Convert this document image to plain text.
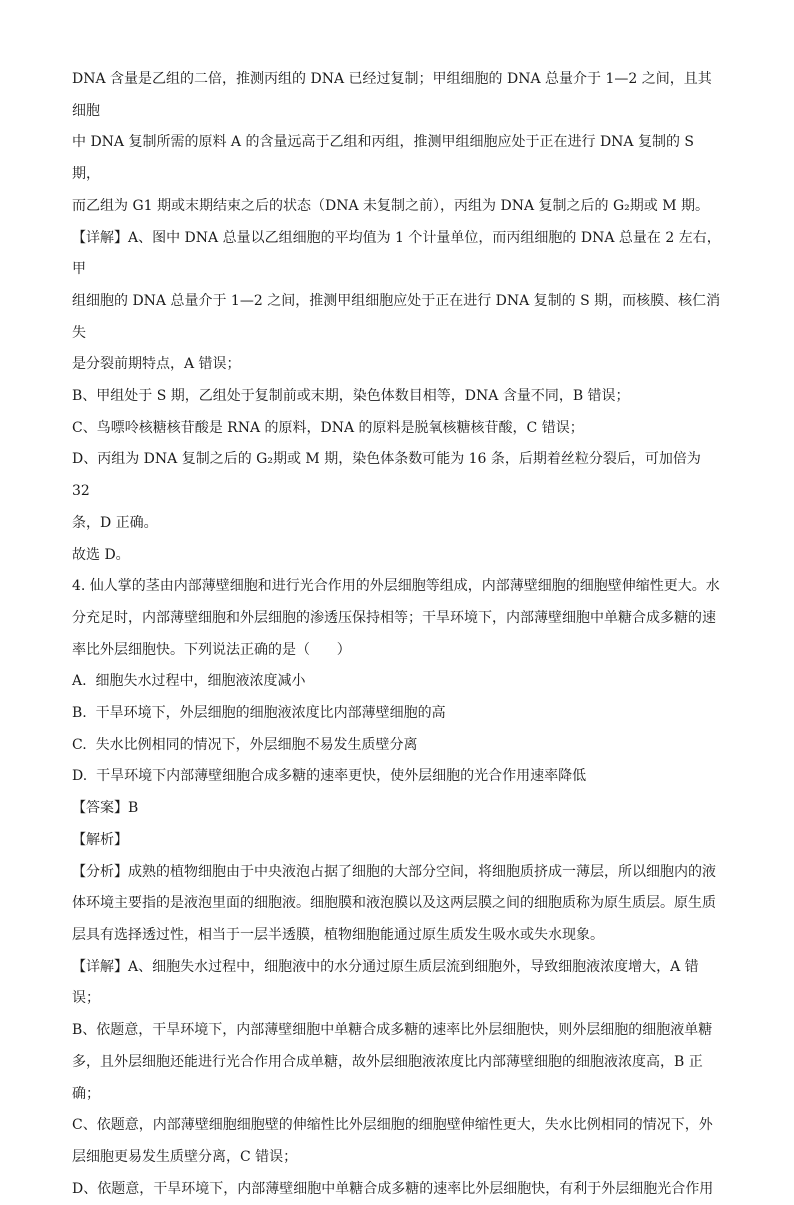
DNA 含量是乙组的二倍，推测丙组的 DNA 已经过复制；甲组细胞的 DNA 总量介于 1—2 之间，且其细胞

中 DNA 复制所需的原料 A 的含量远高于乙组和丙组，推测甲组细胞应处于正在进行 DNA 复制的 S 期，

而乙组为 G1 期或末期结束之后的状态（DNA 未复制之前），丙组为 DNA 复制之后的 G₂期或 M 期。

【详解】A、图中 DNA 总量以乙组细胞的平均值为 1 个计量单位，而丙组细胞的 DNA 总量在 2 左右，甲

组细胞的 DNA 总量介于 1—2 之间，推测甲组细胞应处于正在进行 DNA 复制的 S 期，而核膜、核仁消失

是分裂前期特点，A 错误；

B、甲组处于 S 期，乙组处于复制前或末期，染色体数目相等，DNA 含量不同，B 错误；

C、鸟嘌呤核糖核苷酸是 RNA 的原料，DNA 的原料是脱氧核糖核苷酸，C 错误；

D、丙组为 DNA 复制之后的 G₂期或 M 期，染色体条数可能为 16 条，后期着丝粒分裂后，可加倍为 32

条，D 正确。

故选 D。

4. 仙人掌的茎由内部薄壁细胞和进行光合作用的外层细胞等组成，内部薄壁细胞的细胞壁伸缩性更大。水

分充足时，内部薄壁细胞和外层细胞的渗透压保持相等；干旱环境下，内部薄壁细胞中单糖合成多糖的速

率比外层细胞快。下列说法正确的是（      ）

A.  细胞失水过程中，细胞液浓度减小

B.  干旱环境下，外层细胞的细胞液浓度比内部薄壁细胞的高

C.  失水比例相同的情况下，外层细胞不易发生质壁分离

D.  干旱环境下内部薄壁细胞合成多糖的速率更快，使外层细胞的光合作用速率降低

【答案】B

【解析】

【分析】成熟的植物细胞由于中央液泡占据了细胞的大部分空间，将细胞质挤成一薄层，所以细胞内的液

体环境主要指的是液泡里面的细胞液。细胞膜和液泡膜以及这两层膜之间的细胞质称为原生质层。原生质

层具有选择透过性，相当于一层半透膜，植物细胞能通过原生质发生吸水或失水现象。

【详解】A、细胞失水过程中，细胞液中的水分通过原生质层流到细胞外，导致细胞液浓度增大，A 错

误；

B、依题意，干旱环境下，内部薄壁细胞中单糖合成多糖的速率比外层细胞快，则外层细胞的细胞液单糖

多，且外层细胞还能进行光合作用合成单糖，故外层细胞液浓度比内部薄壁细胞的细胞液浓度高，B 正

确；

C、依题意，内部薄壁细胞细胞壁的伸缩性比外层细胞的细胞壁伸缩性更大，失水比例相同的情况下，外

层细胞更易发生质壁分离，C 错误；

D、依题意，干旱环境下，内部薄壁细胞中单糖合成多糖的速率比外层细胞快，有利于外层细胞光合作用
